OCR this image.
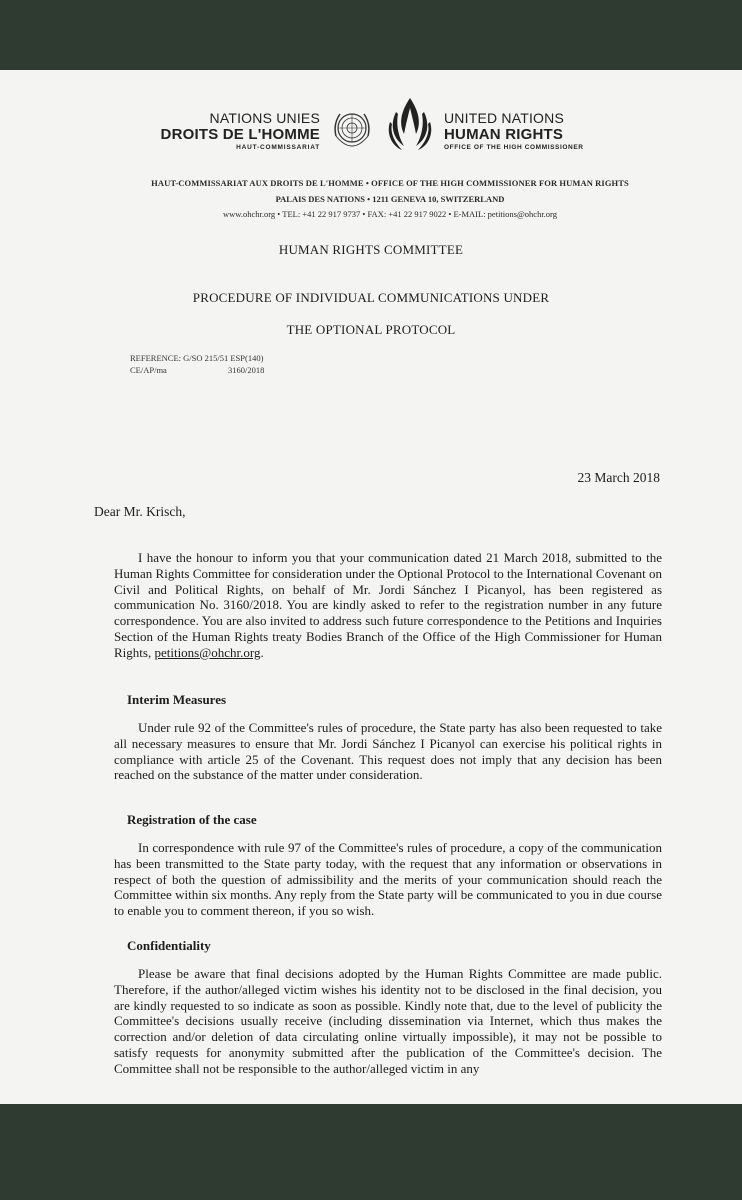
NATIONS UNIES
DROITS DE L'HOMME
HAUT-COMMISSARIAT
UNITED NATIONS
HUMAN RIGHTS
OFFICE OF THE HIGH COMMISSIONER
HAUT-COMMISSARIAT AUX DROITS DE L'HOMME • OFFICE OF THE HIGH COMMISSIONER FOR HUMAN RIGHTS
PALAIS DES NATIONS • 1211 GENEVA 10, SWITZERLAND
www.ohchr.org • TEL: +41 22 917 9737 • FAX: +41 22 917 9022 • E-MAIL: petitions@ohchr.org
HUMAN RIGHTS COMMITTEE
PROCEDURE OF INDIVIDUAL COMMUNICATIONS UNDER
THE OPTIONAL PROTOCOL
REFERENCE: G/SO 215/51 ESP(140)
CE/AP/ma	3160/2018
23 March 2018
Dear Mr. Krisch,
I have the honour to inform you that your communication dated 21 March 2018, submitted to the Human Rights Committee for consideration under the Optional Protocol to the International Covenant on Civil and Political Rights, on behalf of Mr. Jordi Sánchez I Picanyol, has been registered as communication No. 3160/2018. You are kindly asked to refer to the registration number in any future correspondence. You are also invited to address such future correspondence to the Petitions and Inquiries Section of the Human Rights treaty Bodies Branch of the Office of the High Commissioner for Human Rights, petitions@ohchr.org.
Interim Measures
Under rule 92 of the Committee's rules of procedure, the State party has also been requested to take all necessary measures to ensure that Mr. Jordi Sánchez I Picanyol can exercise his political rights in compliance with article 25 of the Covenant. This request does not imply that any decision has been reached on the substance of the matter under consideration.
Registration of the case
In correspondence with rule 97 of the Committee's rules of procedure, a copy of the communication has been transmitted to the State party today, with the request that any information or observations in respect of both the question of admissibility and the merits of your communication should reach the Committee within six months. Any reply from the State party will be communicated to you in due course to enable you to comment thereon, if you so wish.
Confidentiality
Please be aware that final decisions adopted by the Human Rights Committee are made public. Therefore, if the author/alleged victim wishes his identity not to be disclosed in the final decision, you are kindly requested to so indicate as soon as possible. Kindly note that, due to the level of publicity the Committee's decisions usually receive (including dissemination via Internet, which thus makes the correction and/or deletion of data circulating online virtually impossible), it may not be possible to satisfy requests for anonymity submitted after the publication of the Committee's decision. The Committee shall not be responsible to the author/alleged victim in any
